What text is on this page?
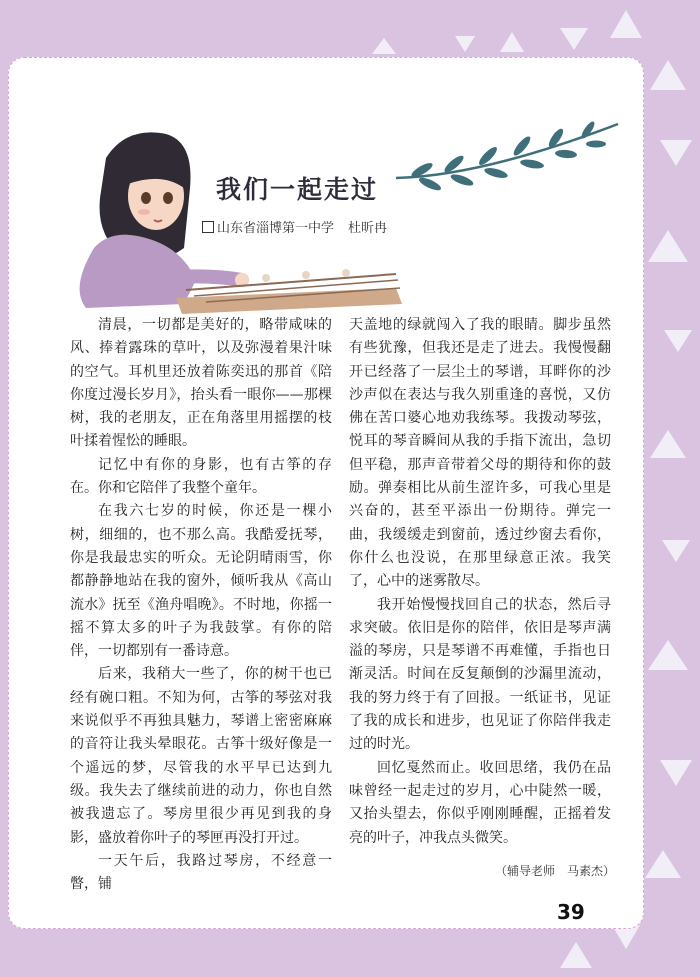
我们一起走过
山东省淄博第一中学 杜昕冉

清晨，一切都是美好的，略带咸味的风、捧着露珠的草叶，以及弥漫着果汁味的空气。耳机里还放着陈奕迅的那首《陪你度过漫长岁月》，抬头看一眼你——那棵树，我的老朋友，正在角落里用摇摆的枝叶揉着惺忪的睡眼。

记忆中有你的身影，也有古筝的存在。你和它陪伴了我整个童年。

在我六七岁的时候，你还是一棵小树，细细的，也不那么高。我酷爱抚琴，你是我最忠实的听众。无论阴晴雨雪，你都静静地站在我的窗外，倾听我从《高山流水》抚至《渔舟唱晚》。不时地，你摇一摇不算太多的叶子为我鼓掌。有你的陪伴，一切都别有一番诗意。

后来，我稍大一些了，你的树干也已经有碗口粗。不知为何，古筝的琴弦对我来说似乎不再独具魅力，琴谱上密密麻麻的音符让我头晕眼花。古筝十级好像是一个遥远的梦，尽管我的水平早已达到九级。我失去了继续前进的动力，你也自然被我遗忘了。琴房里很少再见到我的身影，盛放着你叶子的琴匣再没打开过。

一天午后，我路过琴房，不经意一瞥，铺

天盖地的绿就闯入了我的眼睛。脚步虽然有些犹豫，但我还是走了进去。我慢慢翻开已经落了一层尘土的琴谱，耳畔你的沙沙声似在表达与我久别重逢的喜悦，又仿佛在苦口婆心地劝我练琴。我拨动琴弦，悦耳的琴音瞬间从我的手指下流出，急切但平稳，那声音带着父母的期待和你的鼓励。弹奏相比从前生涩许多，可我心里是兴奋的，甚至平添出一份期待。弹完一曲，我缓缓走到窗前，透过纱窗去看你，你什么也没说，在那里绿意正浓。我笑了，心中的迷雾散尽。

我开始慢慢找回自己的状态，然后寻求突破。依旧是你的陪伴，依旧是琴声满溢的琴房，只是琴谱不再难懂，手指也日渐灵活。时间在反复颠倒的沙漏里流动，我的努力终于有了回报。一纸证书，见证了我的成长和进步，也见证了你陪伴我走过的时光。

回忆戛然而止。收回思绪，我仍在品味曾经一起走过的岁月，心中陡然一暖，又抬头望去，你似乎刚刚睡醒，正摇着发亮的叶子，冲我点头微笑。

（辅导老师　马素杰）
39
